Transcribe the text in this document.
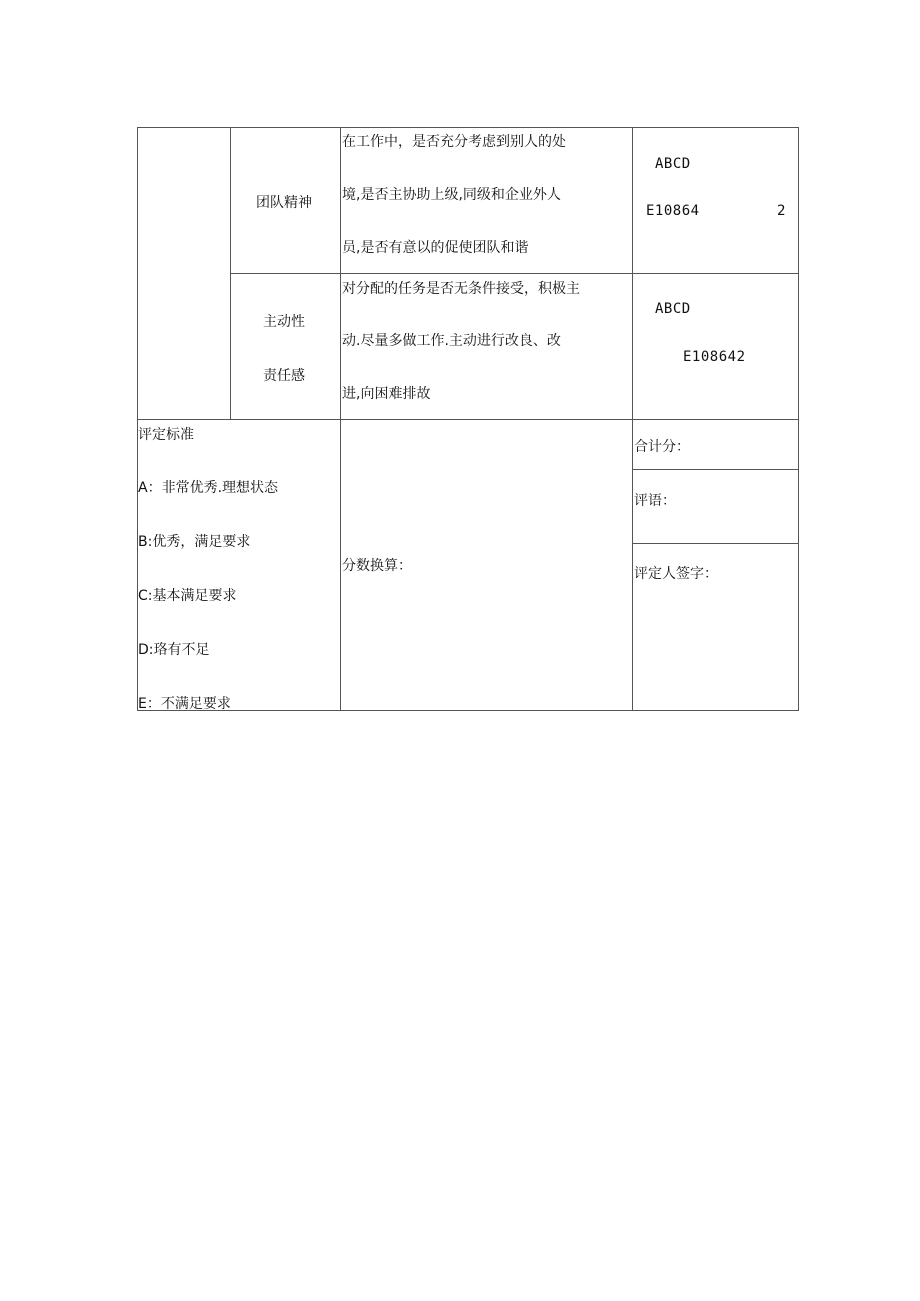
团队精神
在工作中，是否充分考虑到别人的处
境,是否主协助上级,同级和企业外人
员,是否有意以的促使团队和谐
ABCD
E10864	2
主动性
责任感
对分配的任务是否无条件接受，积极主
动.尽量多做工作.主动进行改良、改
进,向困难排故
ABCD
E108642
评定标准
A：非常优秀.理想状态
B:优秀，满足要求
C:基本满足要求
D:珞有不足
E：不满足要求
分数换算：
合计分：
评语：
评定人签字：
